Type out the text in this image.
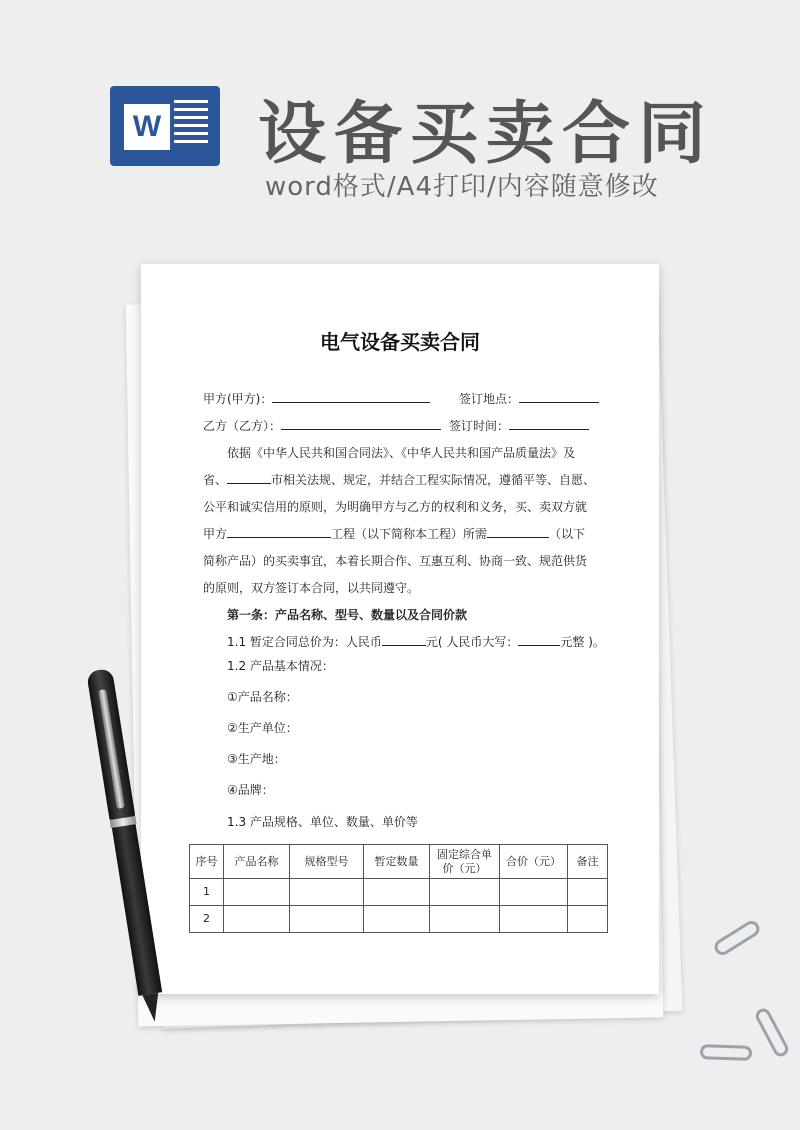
W 设备买卖合同
word格式/A4打印/内容随意修改
电气设备买卖合同
甲方(甲方)：	签订地点：
乙方（乙方）：	签订时间：
依据《中华人民共和国合同法》、《中华人民共和国产品质量法》及
省、	市相关法规、规定，并结合工程实际情况，遵循平等、自愿、
公平和诚实信用的原则，为明确甲方与乙方的权利和义务，买、卖双方就
甲方	工程（以下简称本工程）所需	（以下
简称产品）的买卖事宜，本着长期合作、互惠互利、协商一致、规范供货
的原则，双方签订本合同，以共同遵守。
第一条：产品名称、型号、数量以及合同价款
1.1 暂定合同总价为：人民币	元( 人民币大写：	元整 )。
1.2 产品基本情况：
①产品名称：
②生产单位：
③生产地：
④品牌：
1.3 产品规格、单位、数量、单价等
序号	产品名称	规格型号	暂定数量	固定综合单价（元）	合价（元）	备注
1						
2						
